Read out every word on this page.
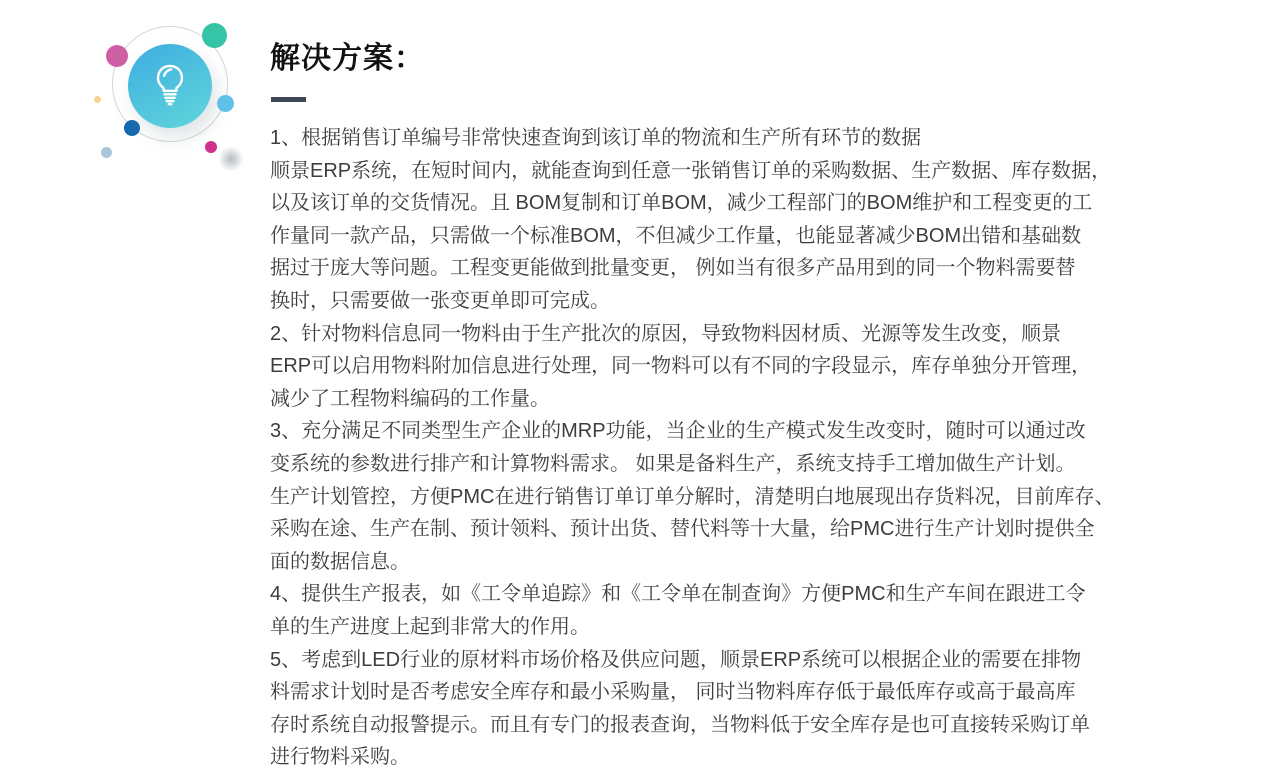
解决方案：
1、根据销售订单编号非常快速查询到该订单的物流和生产所有环节的数据
顺景ERP系统，在短时间内，就能查询到任意一张销售订单的采购数据、生产数据、库存数据，
以及该订单的交货情况。且 BOM复制和订单BOM，减少工程部门的BOM维护和工程变更的工
作量同一款产品，只需做一个标准BOM，不但减少工作量，也能显著减少BOM出错和基础数
据过于庞大等问题。工程变更能做到批量变更， 例如当有很多产品用到的同一个物料需要替
换时，只需要做一张变更单即可完成。
2、针对物料信息同一物料由于生产批次的原因，导致物料因材质、光源等发生改变，顺景
ERP可以启用物料附加信息进行处理，同一物料可以有不同的字段显示，库存单独分开管理，
减少了工程物料编码的工作量。
3、充分满足不同类型生产企业的MRP功能，当企业的生产模式发生改变时，随时可以通过改
变系统的参数进行排产和计算物料需求。 如果是备料生产，系统支持手工增加做生产计划。
生产计划管控，方便PMC在进行销售订单订单分解时，清楚明白地展现出存货料况，目前库存、
采购在途、生产在制、预计领料、预计出货、替代料等十大量，给PMC进行生产计划时提供全
面的数据信息。
4、提供生产报表，如《工令单追踪》和《工令单在制查询》方便PMC和生产车间在跟进工令
单的生产进度上起到非常大的作用。
5、考虑到LED行业的原材料市场价格及供应问题，顺景ERP系统可以根据企业的需要在排物
料需求计划时是否考虑安全库存和最小采购量， 同时当物料库存低于最低库存或高于最高库
存时系统自动报警提示。而且有专门的报表查询，当物料低于安全库存是也可直接转采购订单
进行物料采购。
